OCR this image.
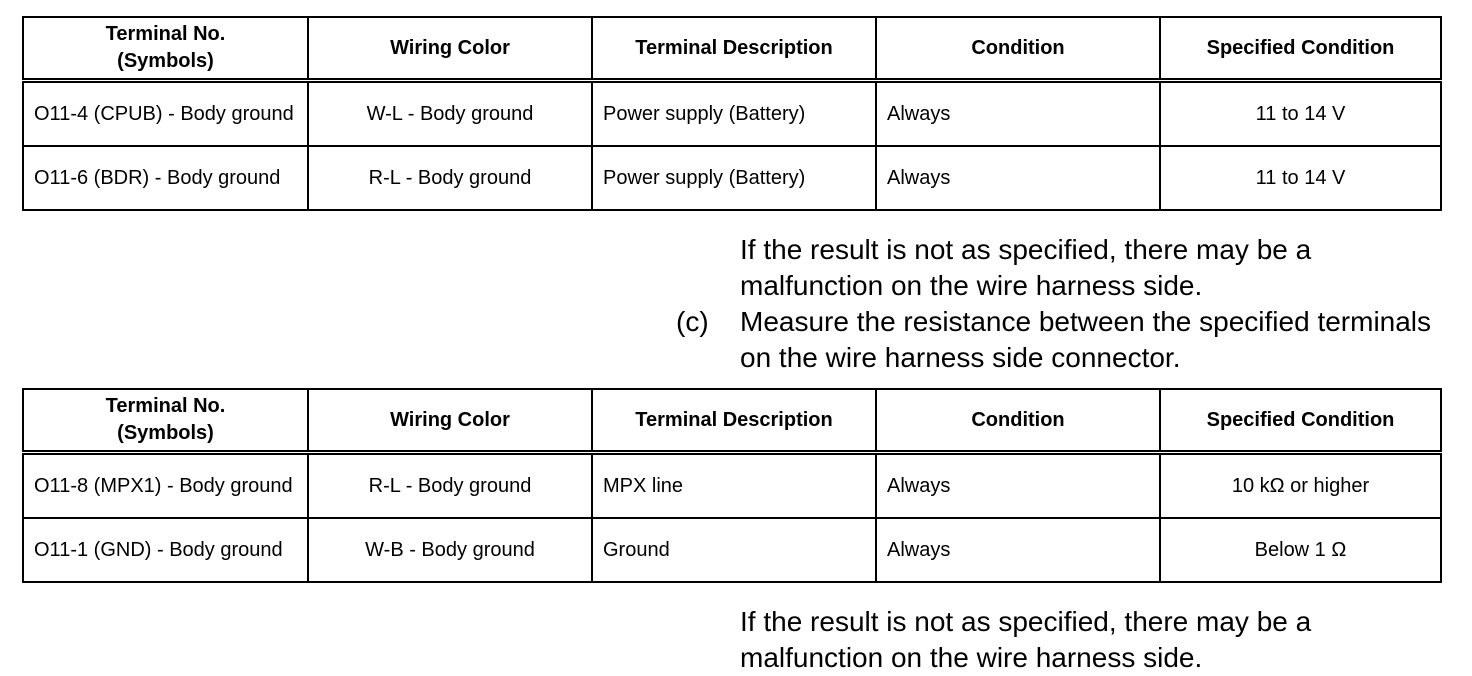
Terminal No.
(Symbols)	Wiring Color	Terminal Description	Condition	Specified Condition
O11-4 (CPUB) - Body ground	W-L - Body ground	Power supply (Battery)	Always	11 to 14 V
O11-6 (BDR) - Body ground	R-L - Body ground	Power supply (Battery)	Always	11 to 14 V

If the result is not as specified, there may be a malfunction on the wire harness side.

(c) Measure the resistance between the specified terminals on the wire harness side connector.

Terminal No.
(Symbols)	Wiring Color	Terminal Description	Condition	Specified Condition
O11-8 (MPX1) - Body ground	R-L - Body ground	MPX line	Always	10 kΩ or higher
O11-1 (GND) - Body ground	W-B - Body ground	Ground	Always	Below 1 Ω

If the result is not as specified, there may be a malfunction on the wire harness side.
